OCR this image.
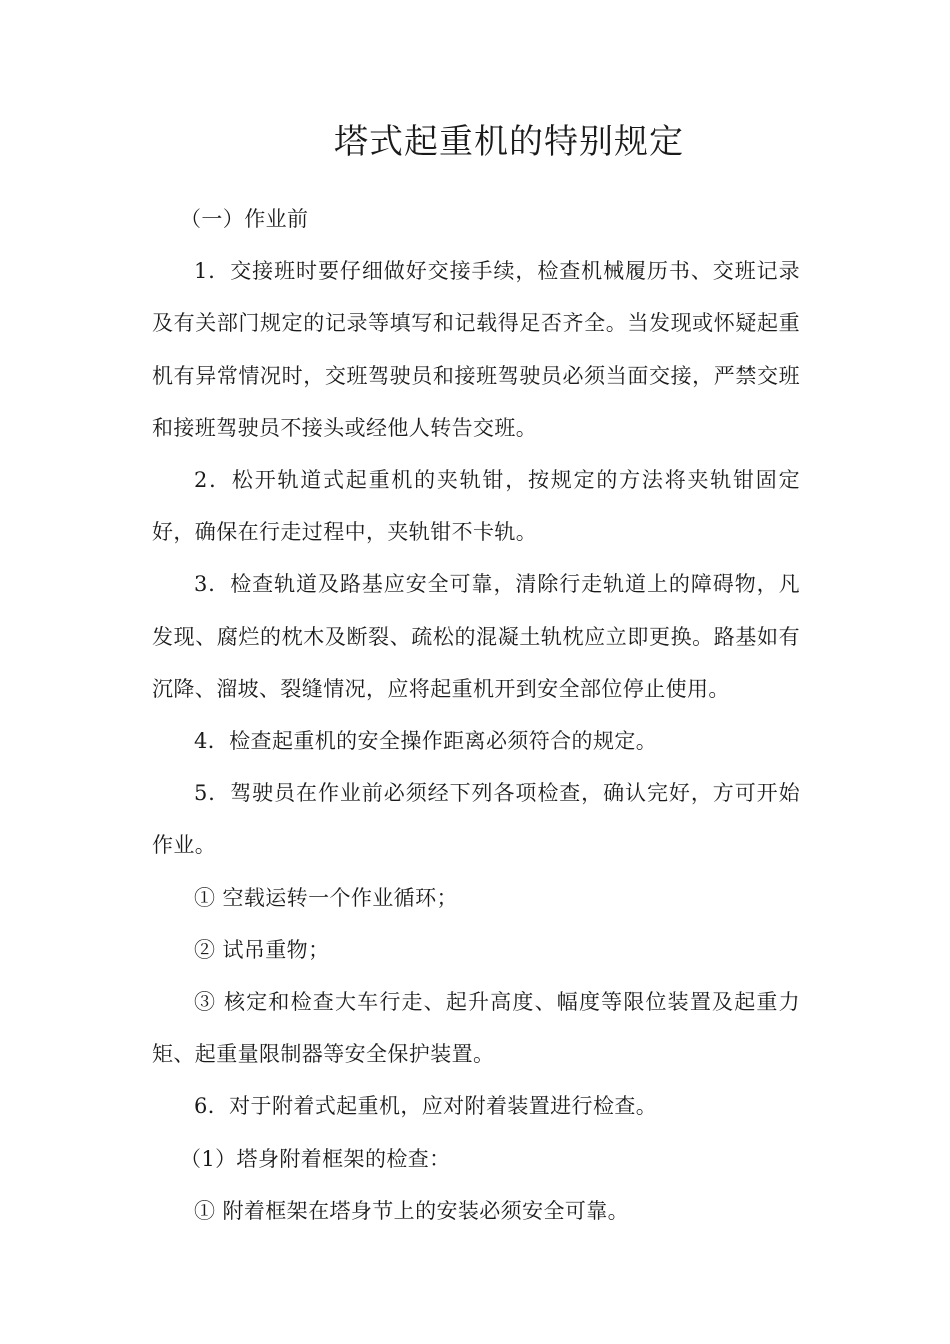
塔式起重机的特别规定

（一）作业前

1．交接班时要仔细做好交接手续，检查机械履历书、交班记录及有关部门规定的记录等填写和记载得足否齐全。当发现或怀疑起重机有异常情况时，交班驾驶员和接班驾驶员必须当面交接，严禁交班和接班驾驶员不接头或经他人转告交班。

2．松开轨道式起重机的夹轨钳，按规定的方法将夹轨钳固定好，确保在行走过程中，夹轨钳不卡轨。

3．检查轨道及路基应安全可靠，清除行走轨道上的障碍物，凡发现、腐烂的枕木及断裂、疏松的混凝土轨枕应立即更换。路基如有沉降、溜坡、裂缝情况，应将起重机开到安全部位停止使用。

4．检查起重机的安全操作距离必须符合的规定。

5．驾驶员在作业前必须经下列各项检查，确认完好，方可开始作业。

① 空载运转一个作业循环；

② 试吊重物；

③ 核定和检查大车行走、起升高度、幅度等限位装置及起重力矩、起重量限制器等安全保护装置。

6．对于附着式起重机，应对附着装置进行检查。

（1）塔身附着框架的检查：

① 附着框架在塔身节上的安装必须安全可靠。
